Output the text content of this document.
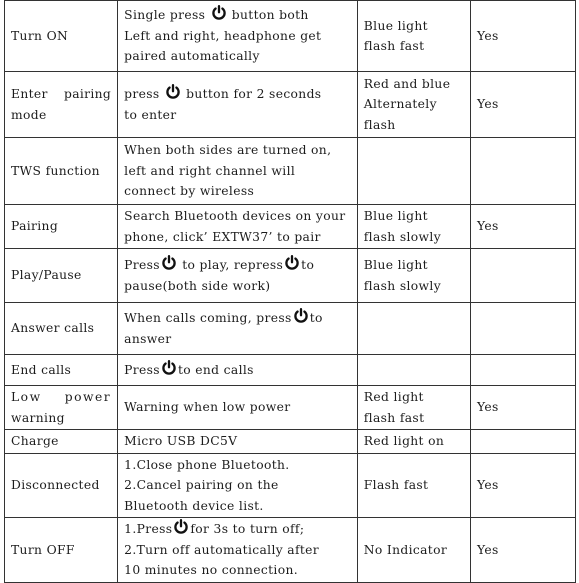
Turn ON	Single press
button both
Left and right, headphone get
paired automatically	Blue light
flash fast	Yes

Enter pairing
mode	press
button for 2 seconds
to enter	Red and blue
Alternately
flash	Yes
TWS function	When both sides are turned on,
left and right channel will
connect by wireless		

Pairing	Search Bluetooth devices on your
phone, click’ EXTW37’ to pair	Blue light
flash slowly	Yes
Play/Pause	Press
to play, repress to
pause(both side work)	Blue light
flash slowly	

Answer calls	When calls coming, press to
answer		

End calls	Press to end calls		

Low power
warning	Warning when low power	Red light
flash fast	Yes
Charge	Micro USB DC5V	Red light on	

Disconnected	1.Close phone Bluetooth.
2.Cancel pairing on the
Bluetooth device list.	Flash fast	Yes
Turn OFF	1.Press for 3s to turn off;
2.Turn off automatically after
10 minutes no connection.	No Indicator	Yes
